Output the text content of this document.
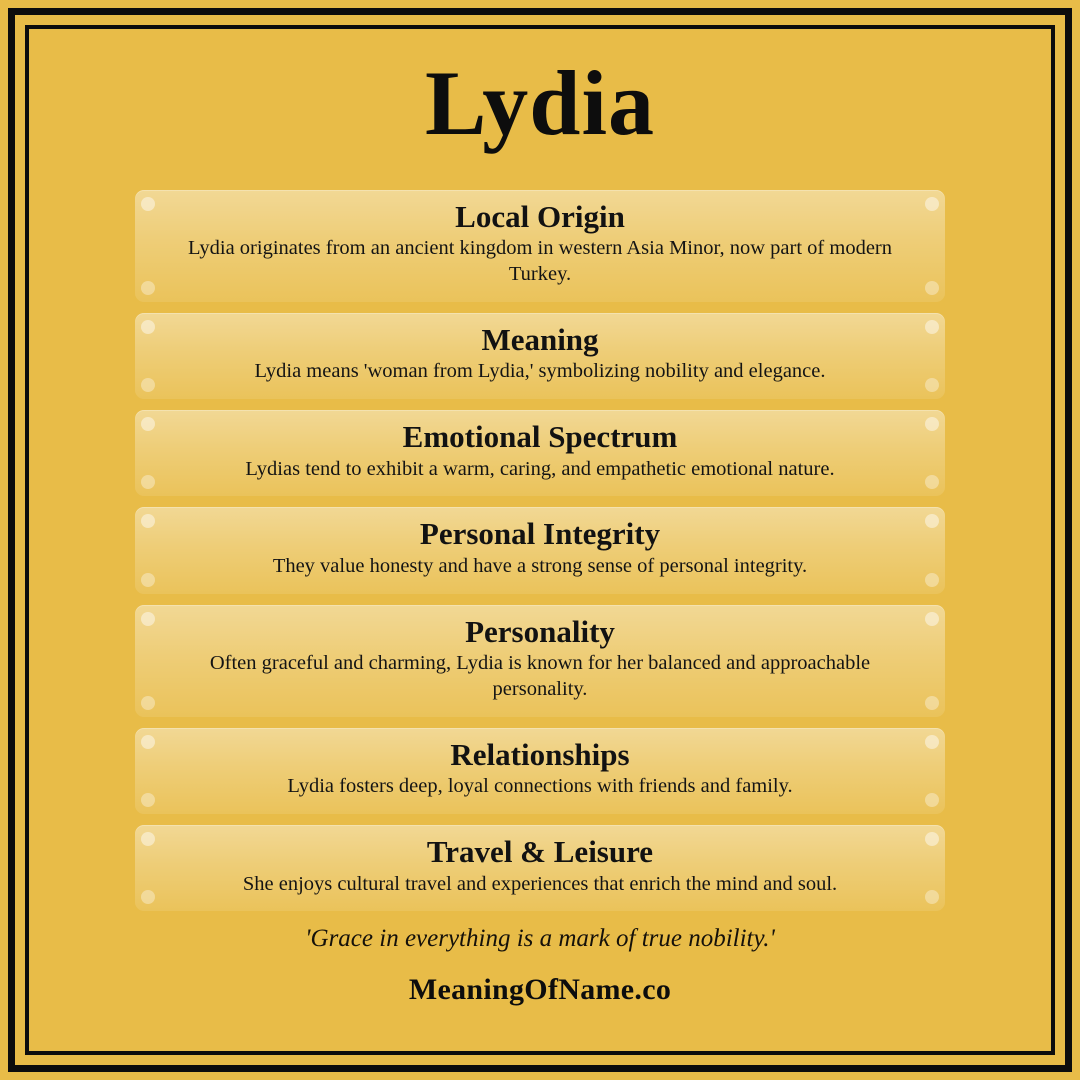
Lydia
Local Origin

Lydia originates from an ancient kingdom in western Asia Minor, now part of modern Turkey.

Meaning

Lydia means 'woman from Lydia,' symbolizing nobility and elegance.

Emotional Spectrum

Lydias tend to exhibit a warm, caring, and empathetic emotional nature.

Personal Integrity

They value honesty and have a strong sense of personal integrity.

Personality

Often graceful and charming, Lydia is known for her balanced and approachable personality.

Relationships

Lydia fosters deep, loyal connections with friends and family.

Travel & Leisure

She enjoys cultural travel and experiences that enrich the mind and soul.

'Grace in everything is a mark of true nobility.'
MeaningOfName.co
